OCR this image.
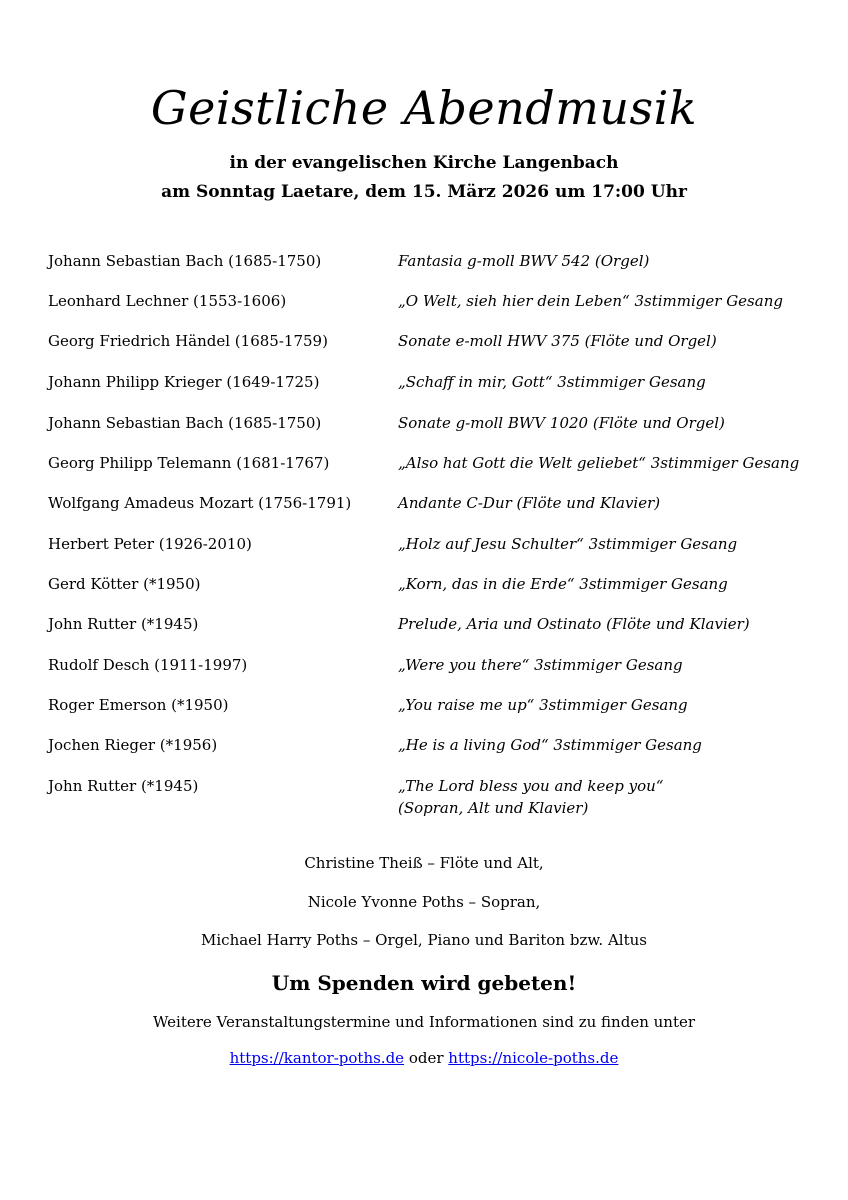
Geistliche Abendmusik
in der evangelischen Kirche Langenbach
am Sonntag Laetare, dem 15. März 2026 um 17:00 Uhr
Johann Sebastian Bach (1685-1750)	Fantasia g-moll BWV 542 (Orgel)
Leonhard Lechner (1553-1606)	„O Welt, sieh hier dein Leben“ 3stimmiger Gesang
Georg Friedrich Händel (1685-1759)	Sonate e-moll HWV 375 (Flöte und Orgel)
Johann Philipp Krieger (1649-1725)	„Schaff in mir, Gott“ 3stimmiger Gesang
Johann Sebastian Bach (1685-1750)	Sonate g-moll BWV 1020 (Flöte und Orgel)
Georg Philipp Telemann (1681-1767)	„Also hat Gott die Welt geliebet“ 3stimmiger Gesang
Wolfgang Amadeus Mozart (1756-1791)	Andante C-Dur (Flöte und Klavier)
Herbert Peter (1926-2010)	„Holz auf Jesu Schulter“ 3stimmiger Gesang
Gerd Kötter (*1950)	„Korn, das in die Erde“ 3stimmiger Gesang
John Rutter (*1945)	Prelude, Aria und Ostinato (Flöte und Klavier)
Rudolf Desch (1911-1997)	„Were you there“ 3stimmiger Gesang
Roger Emerson (*1950)	„You raise me up“ 3stimmiger Gesang
Jochen Rieger (*1956)	„He is a living God“ 3stimmiger Gesang
John Rutter (*1945)	„The Lord bless you and keep you“
(Sopran, Alt und Klavier)
Christine Theiß – Flöte und Alt,
Nicole Yvonne Poths – Sopran,
Michael Harry Poths – Orgel, Piano und Bariton bzw. Altus
Um Spenden wird gebeten!
Weitere Veranstaltungstermine und Informationen sind zu finden unter
https://kantor-poths.de oder https://nicole-poths.de
